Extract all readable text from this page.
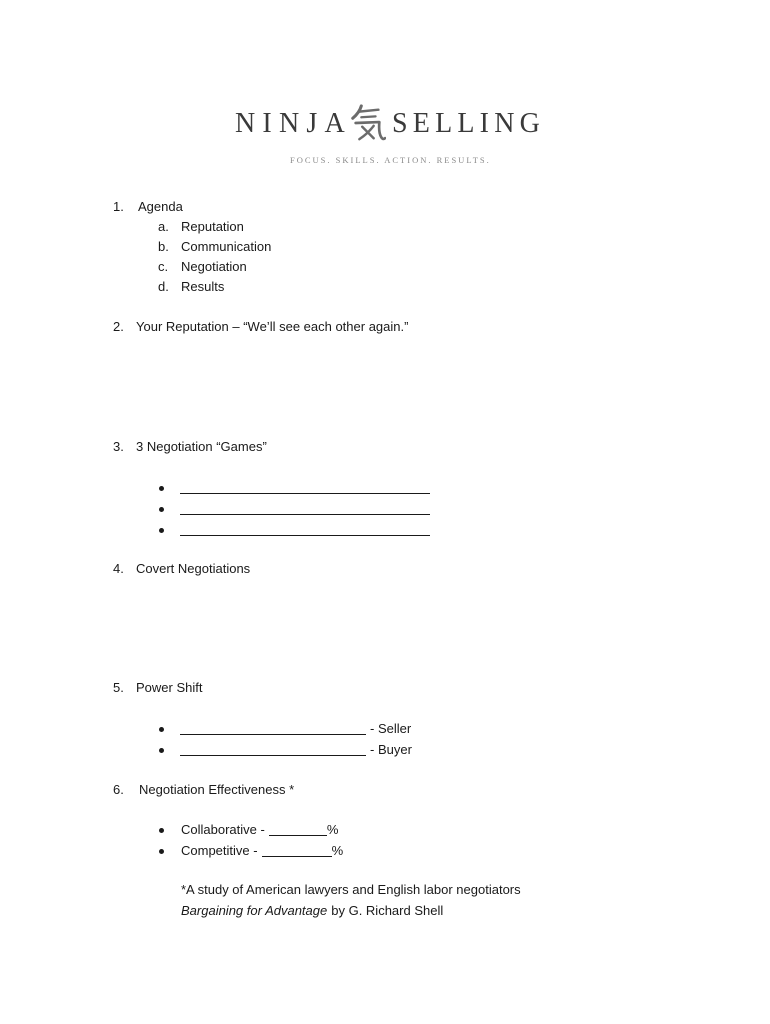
NINJA SELLING
FOCUS. SKILLS. ACTION. RESULTS.
1. Agenda
a. Reputation
b. Communication
c. Negotiation
d. Results
2. Your Reputation – “We’ll see each other again.”
3. 3 Negotiation “Games”
4. Covert Negotiations
5. Power Shift
- Seller
- Buyer
6. Negotiation Effectiveness *
Collaborative -	%
Competitive -	%
*A study of American lawyers and English labor negotiators
Bargaining for Advantage by G. Richard Shell
